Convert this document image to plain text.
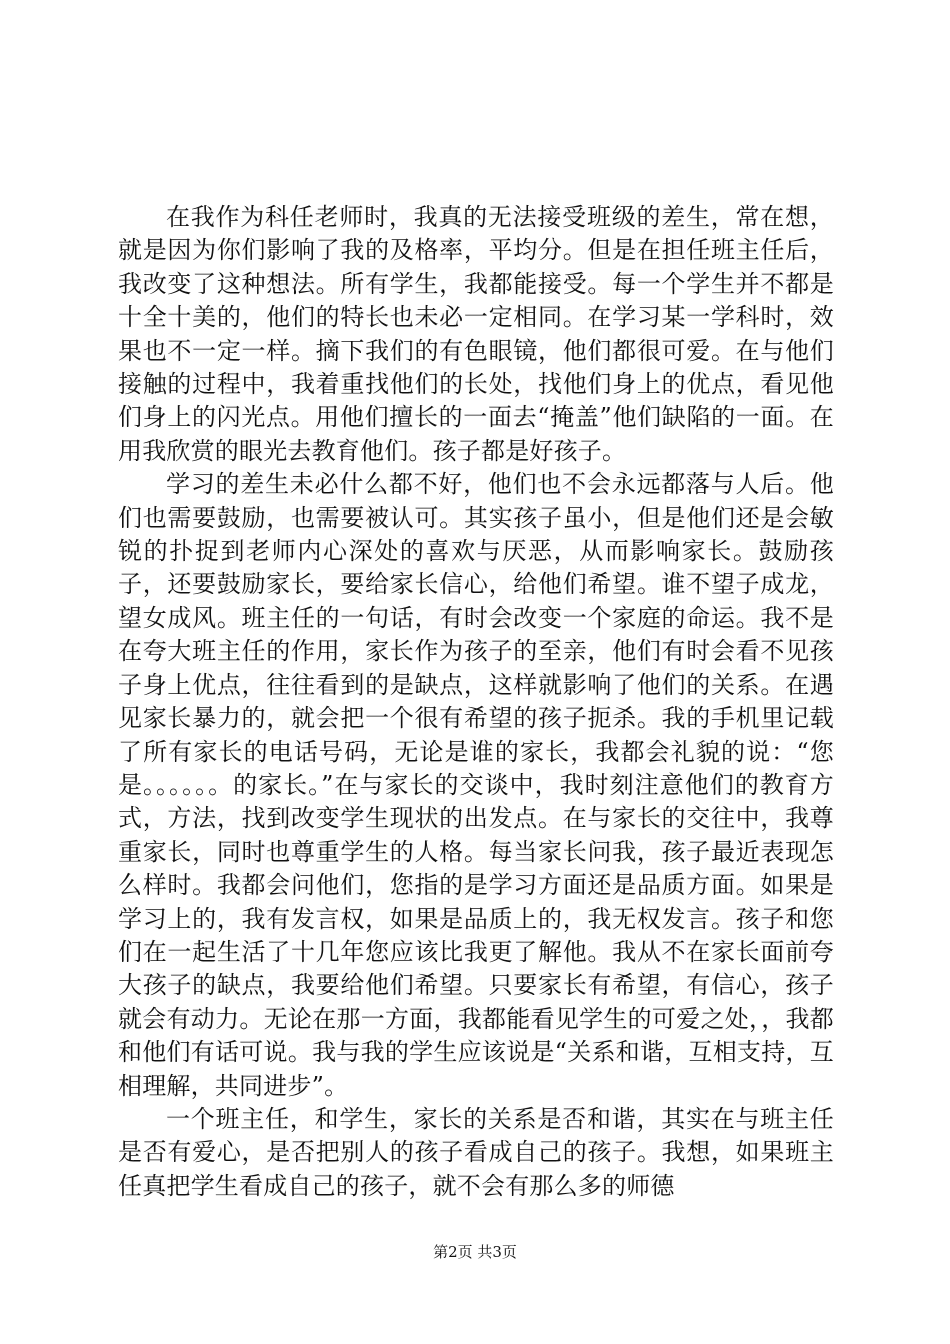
在我作为科任老师时，我真的无法接受班级的差生，常在想，就是因为你们影响了我的及格率，平均分。但是在担任班主任后，我改变了这种想法。所有学生，我都能接受。每一个学生并不都是十全十美的，他们的特长也未必一定相同。在学习某一学科时，效果也不一定一样。摘下我们的有色眼镜，他们都很可爱。在与他们接触的过程中，我着重找他们的长处，找他们身上的优点，看见他们身上的闪光点。用他们擅长的一面去“掩盖”他们缺陷的一面。在用我欣赏的眼光去教育他们。孩子都是好孩子。

学习的差生未必什么都不好，他们也不会永远都落与人后。他们也需要鼓励，也需要被认可。其实孩子虽小，但是他们还是会敏锐的扑捉到老师内心深处的喜欢与厌恶，从而影响家长。鼓励孩子，还要鼓励家长，要给家长信心，给他们希望。谁不望子成龙，望女成风。班主任的一句话，有时会改变一个家庭的命运。我不是在夸大班主任的作用，家长作为孩子的至亲，他们有时会看不见孩子身上优点，往往看到的是缺点，这样就影响了他们的关系。在遇见家长暴力的，就会把一个很有希望的孩子扼杀。我的手机里记载了所有家长的电话号码，无论是谁的家长，我都会礼貌的说：“您是。。。。。。的家长。”在与家长的交谈中，我时刻注意他们的教育方式，方法，找到改变学生现状的出发点。在与家长的交往中，我尊重家长，同时也尊重学生的人格。每当家长问我，孩子最近表现怎么样时。我都会问他们，您指的是学习方面还是品质方面。如果是学习上的，我有发言权，如果是品质上的，我无权发言。孩子和您们在一起生活了十几年您应该比我更了解他。我从不在家长面前夸大孩子的缺点，我要给他们希望。只要家长有希望，有信心，孩子就会有动力。无论在那一方面，我都能看见学生的可爱之处，，我都和他们有话可说。我与我的学生应该说是“关系和谐，互相支持，互相理解，共同进步”。

一个班主任，和学生，家长的关系是否和谐，其实在与班主任是否有爱心，是否把别人的孩子看成自己的孩子。我想，如果班主任真把学生看成自己的孩子，就不会有那么多的师德

第2页 共3页
